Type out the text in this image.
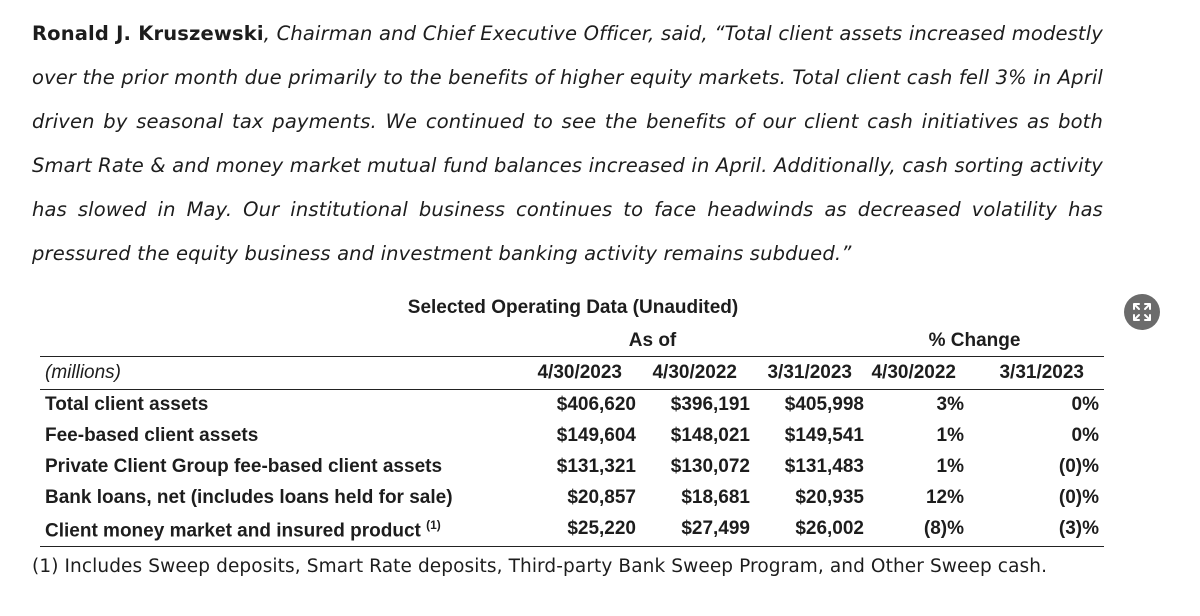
Ronald J. Kruszewski, Chairman and Chief Executive Officer, said, “Total client assets increased modestly over the prior month due primarily to the benefits of higher equity markets. Total client cash fell 3% in April driven by seasonal tax payments. We continued to see the benefits of our client cash initiatives as both Smart Rate & and money market mutual fund balances increased in April. Additionally, cash sorting activity has slowed in May. Our institutional business continues to face headwinds as decreased volatility has pressured the equity business and investment banking activity remains subdued.”
Selected Operating Data (Unaudited)
As of	% Change
(millions)	4/30/2023 4/30/2022 3/31/2023 4/30/2022 3/31/2023
Total client assets	$406,620 $396,191 $405,998	3%	0%
Fee-based client assets	$149,604 $148,021 $149,541	1%	0%
Private Client Group fee-based client assets	$131,321 $130,072 $131,483	1%	(0)%
Bank loans, net (includes loans held for sale)	$20,857 $18,681 $20,935	12%	(0)%
Client money market and insured product $^{(1)}$	$25,220 $27,499 $26,002	(8)%	(3)%
(1) Includes Sweep deposits, Smart Rate deposits, Third-party Bank Sweep Program, and Other Sweep cash.
